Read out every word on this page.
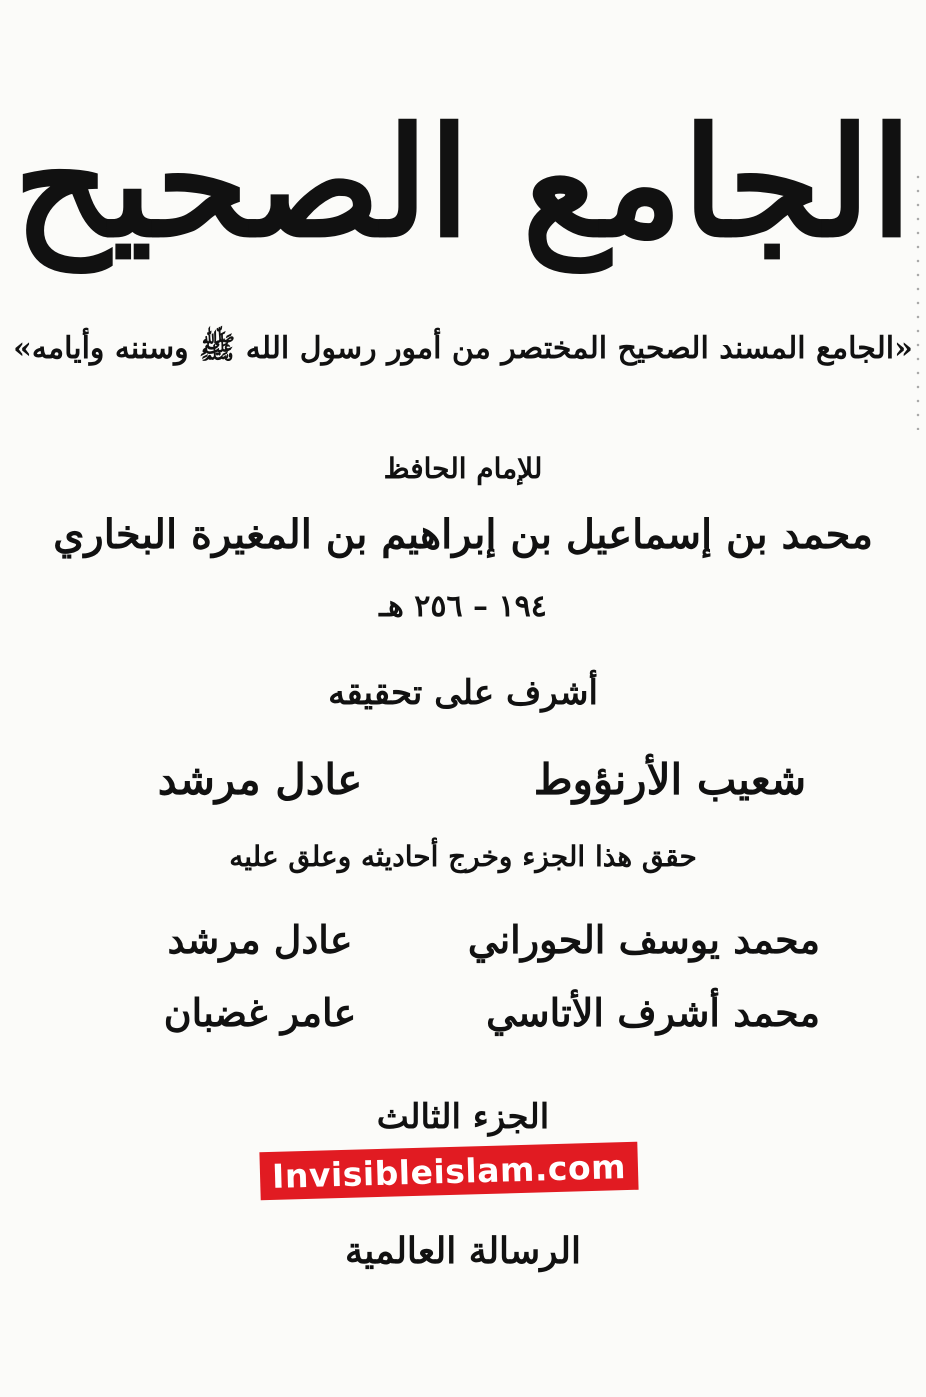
الجامع الصحيح
«الجامع المسند الصحيح المختصر من أمور رسول الله ﷺ وسننه وأيامه»
للإمام الحافظ
محمد بن إسماعيل بن إبراهيم بن المغيرة البخاري
١٩٤ – ٢٥٦ هـ
أشرف على تحقيقه
شعيب الأرنؤوط
عادل مرشد
حقق هذا الجزء وخرج أحاديثه وعلق عليه
محمد يوسف الحوراني
عادل مرشد
محمد أشرف الأتاسي
عامر غضبان
الجزء الثالث
Invisibleislam.com
الرسالة العالمية
